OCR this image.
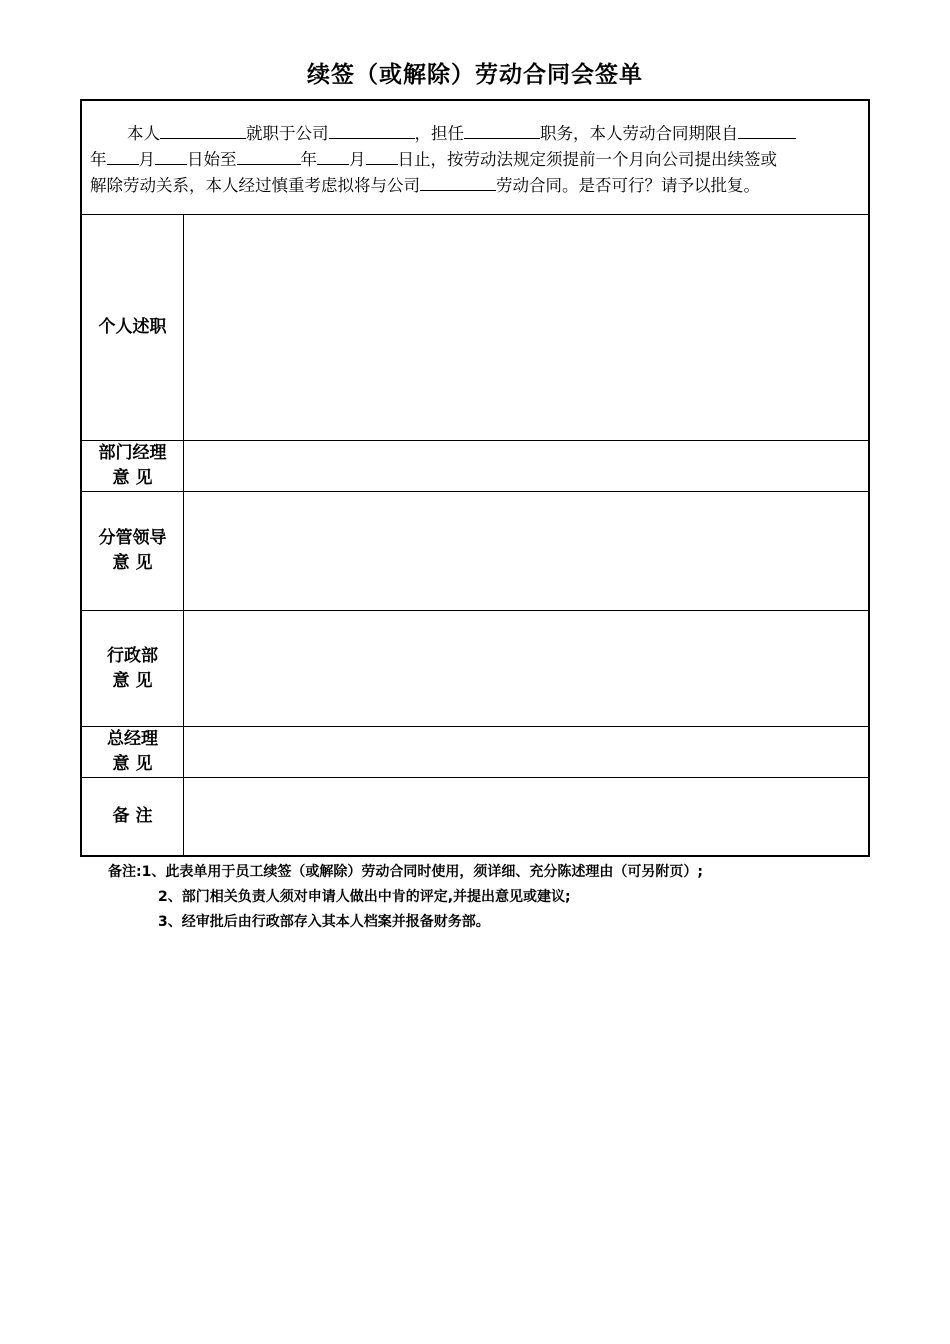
续签（或解除）劳动合同会签单
本人	就职于公司	，担任	职务，本人劳动合同期限自
年 月 日始至	年 月 日止，按劳动法规定须提前一个月向公司提出续签或
解除劳动关系，本人经过慎重考虑拟将与公司	劳动合同。是否可行？请予以批复。
个人述职
部门经理
意 见
分管领导
意 见
行政部
意 见
总经理
意 见
备 注
备注:1、此表单用于员工续签（或解除）劳动合同时使用，须详细、充分陈述理由（可另附页）;
2、部门相关负责人须对申请人做出中肯的评定,并提出意见或建议;
3、经审批后由行政部存入其本人档案并报备财务部。
